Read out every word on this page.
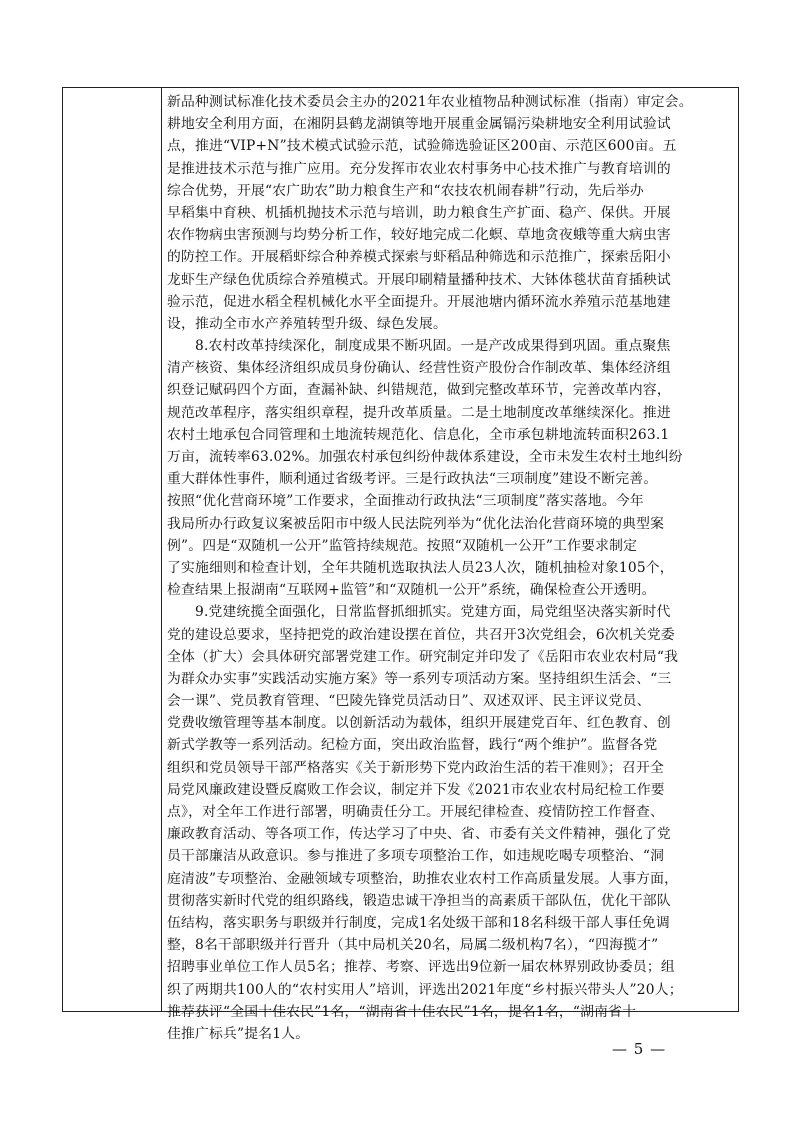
新品种测试标准化技术委员会主办的2021年农业植物品种测试标准（指南）审定会。
耕地安全利用方面，在湘阴县鹤龙湖镇等地开展重金属镉污染耕地安全利用试验试
点，推进“VIP+N”技术模式试验示范，试验筛选验证区200亩、示范区600亩。五
是推进技术示范与推广应用。充分发挥市农业农村事务中心技术推广与教育培训的
综合优势，开展“农广助农”助力粮食生产和“农技农机闹春耕”行动，先后举办
早稻集中育秧、机插机抛技术示范与培训，助力粮食生产扩面、稳产、保供。开展
农作物病虫害预测与均势分析工作，较好地完成二化螟、草地贪夜蛾等重大病虫害
的防控工作。开展稻虾综合种养模式探索与虾稻品种筛选和示范推广，探索岳阳小
龙虾生产绿色优质综合养殖模式。开展印刷精量播种技术、大钵体毯状苗育插秧试
验示范，促进水稻全程机械化水平全面提升。开展池塘内循环流水养殖示范基地建
设，推动全市水产养殖转型升级、绿色发展。
　　8.农村改革持续深化，制度成果不断巩固。一是产改成果得到巩固。重点聚焦
清产核资、集体经济组织成员身份确认、经营性资产股份合作制改革、集体经济组
织登记赋码四个方面，查漏补缺、纠错规范，做到完整改革环节，完善改革内容，
规范改革程序，落实组织章程，提升改革质量。二是土地制度改革继续深化。推进
农村土地承包合同管理和土地流转规范化、信息化，全市承包耕地流转面积263.1
万亩，流转率63.02%。加强农村承包纠纷仲裁体系建设，全市未发生农村土地纠纷
重大群体性事件，顺利通过省级考评。三是行政执法“三项制度”建设不断完善。
按照“优化营商环境”工作要求，全面推动行政执法“三项制度”落实落地。今年
我局所办行政复议案被岳阳市中级人民法院列举为“优化法治化营商环境的典型案
例”。四是“双随机一公开”监管持续规范。按照“双随机一公开”工作要求制定
了实施细则和检查计划，全年共随机选取执法人员23人次，随机抽检对象105个，
检查结果上报湖南“互联网+监管”和“双随机一公开”系统，确保检查公开透明。
　　9.党建统揽全面强化，日常监督抓细抓实。党建方面，局党组坚决落实新时代
党的建设总要求，坚持把党的政治建设摆在首位，共召开3次党组会，6次机关党委
全体（扩大）会具体研究部署党建工作。研究制定并印发了《岳阳市农业农村局“我
为群众办实事”实践活动实施方案》等一系列专项活动方案。坚持组织生活会、“三
会一课”、党员教育管理、“巴陵先锋党员活动日”、双述双评、民主评议党员、
党费收缴管理等基本制度。以创新活动为载体，组织开展建党百年、红色教育、创
新式学教等一系列活动。纪检方面，突出政治监督，践行“两个维护”。监督各党
组织和党员领导干部严格落实《关于新形势下党内政治生活的若干准则》；召开全
局党风廉政建设暨反腐败工作会议，制定并下发《2021市农业农村局纪检工作要
点》，对全年工作进行部署，明确责任分工。开展纪律检查、疫情防控工作督查、
廉政教育活动、等各项工作，传达学习了中央、省、市委有关文件精神，强化了党
员干部廉洁从政意识。参与推进了多项专项整治工作，如违规吃喝专项整治、“洞
庭清波”专项整治、金融领域专项整治，助推农业农村工作高质量发展。人事方面，
贯彻落实新时代党的组织路线，锻造忠诚干净担当的高素质干部队伍，优化干部队
伍结构，落实职务与职级并行制度，完成1名处级干部和18名科级干部人事任免调
整，8名干部职级并行晋升（其中局机关20名，局属二级机构7名），“四海揽才”
招聘事业单位工作人员5名；推荐、考察、评选出9位新一届农林界别政协委员；组
织了两期共100人的“农村实用人”培训，评选出2021年度“乡村振兴带头人”20人；
推荐获评“全国十佳农民”1名，“湖南省十佳农民”1名，提名1名，“湖南省十
佳推广标兵”提名1人。
— 5 —
